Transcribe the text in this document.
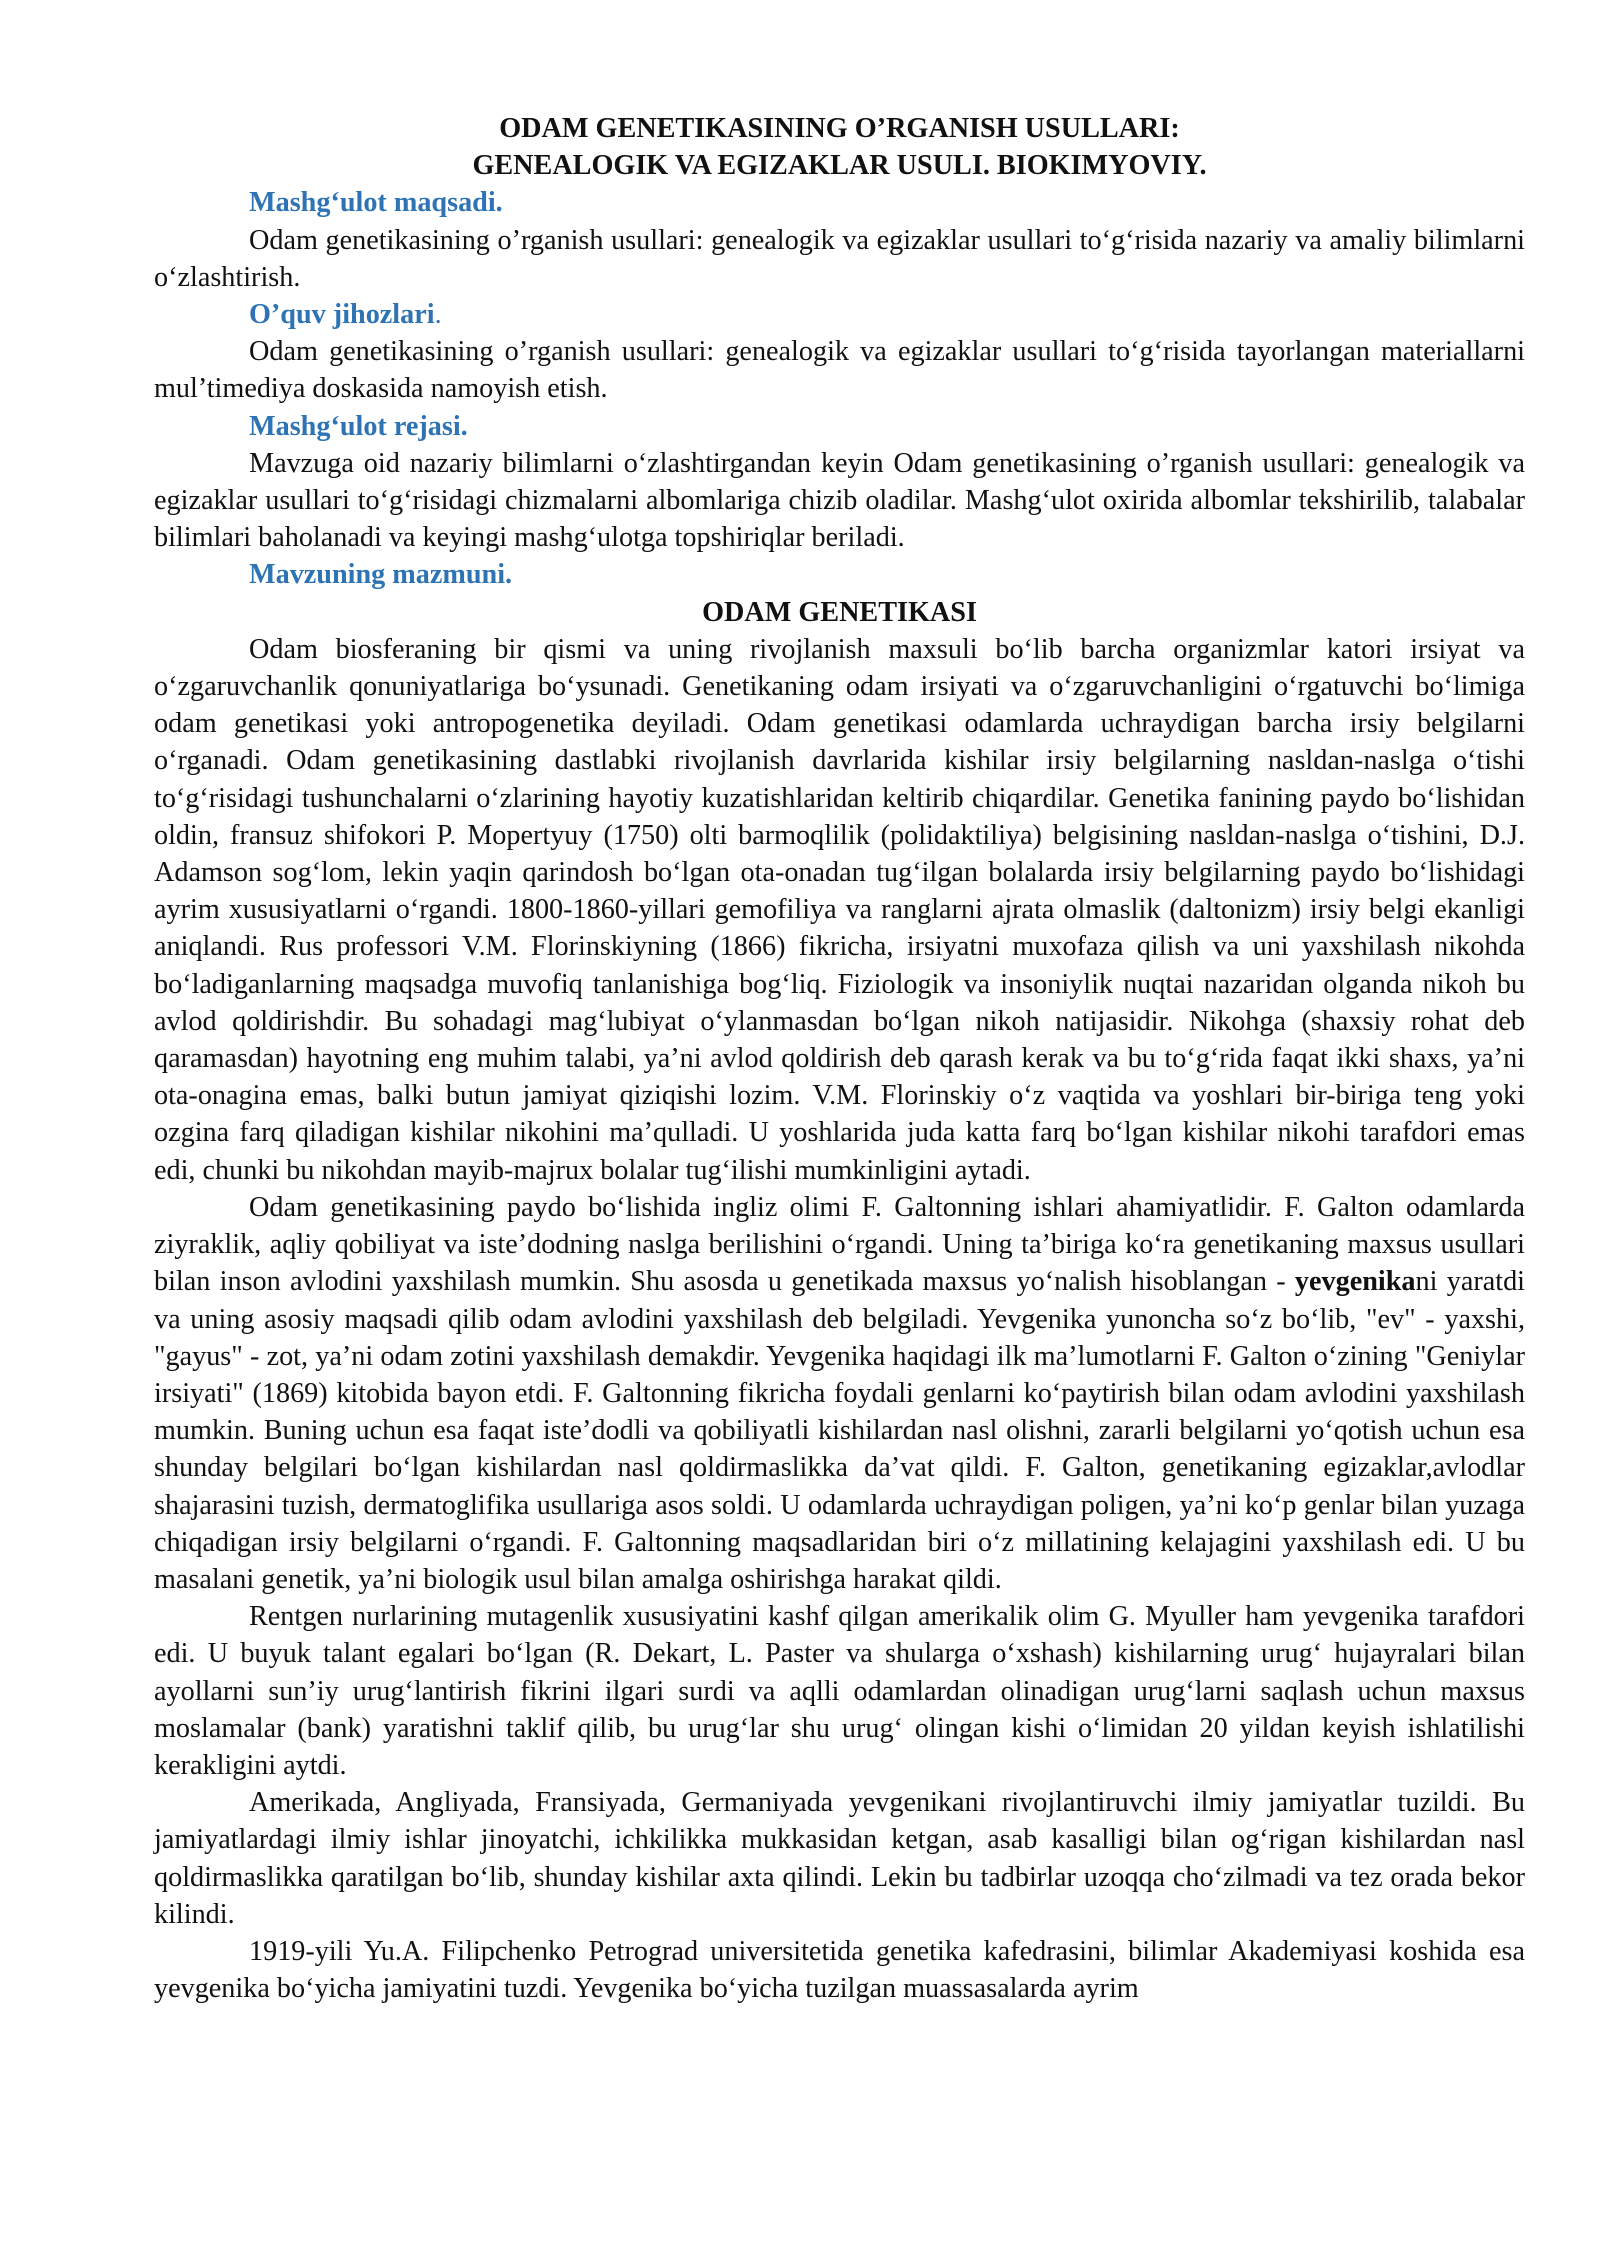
ODAM GENETIKASINING O’RGANISH USULLARI:

GENEALOGIK VA EGIZAKLAR USULI. BIOKIMYOVIY.

Mashg‘ulot maqsadi.

Odam genetikasining o’rganish usullari: genealogik va egizaklar usullari to‘g‘risida nazariy va amaliy bilimlarni o‘zlashtirish.

O’quv jihozlari.

Odam genetikasining o’rganish usullari: genealogik va egizaklar usullari to‘g‘risida tayorlangan materiallarni mul’timediya doskasida namoyish etish.

Mashg‘ulot rejasi.

Mavzuga oid nazariy bilimlarni o‘zlashtirgandan keyin Odam genetikasining o’rganish usullari: genealogik va egizaklar usullari to‘g‘risidagi chizmalarni albomlariga chizib oladilar. Mashg‘ulot oxirida albomlar tekshirilib, talabalar bilimlari baholanadi va keyingi mashg‘ulotga topshiriqlar beriladi.

Mavzuning mazmuni.

ODAM GENETIKASI

Odam biosferaning bir qismi va uning rivojlanish maxsuli bo‘lib barcha organizmlar katori irsiyat va o‘zgaruvchanlik qonuniyatlariga bo‘ysunadi. Genetikaning odam irsiyati va o‘zgaruvchanligini o‘rgatuvchi bo‘limiga odam genetikasi yoki antropogenetika deyiladi. Odam genetikasi odamlarda uchraydigan barcha irsiy belgilarni o‘rganadi. Odam genetikasining dastlabki rivojlanish davrlarida kishilar irsiy belgilarning nasldan-naslga o‘tishi to‘g‘risidagi tushunchalarni o‘zlarining hayotiy kuzatishlaridan keltirib chiqardilar. Genetika fanining paydo bo‘lishidan oldin, fransuz shifokori P. Mopertyuy (1750) olti barmoqlilik (polidaktiliya) belgisining nasldan-naslga o‘tishini, D.J. Adamson sog‘lom, lekin yaqin qarindosh bo‘lgan ota-onadan tug‘ilgan bolalarda irsiy belgilarning paydo bo‘lishidagi ayrim xususiyatlarni o‘rgandi. 1800-1860-yillari gemofiliya va ranglarni ajrata olmaslik (daltonizm) irsiy belgi ekanligi aniqlandi. Rus professori V.M. Florinskiyning (1866) fikricha, irsiyatni muxofaza qilish va uni yaxshilash nikohda bo‘ladiganlarning maqsadga muvofiq tanlanishiga bog‘liq. Fiziologik va insoniylik nuqtai nazaridan olganda nikoh bu avlod qoldirishdir. Bu sohadagi mag‘lubiyat o‘ylanmasdan bo‘lgan nikoh natijasidir. Nikohga (shaxsiy rohat deb qaramasdan) hayotning eng muhim talabi, ya’ni avlod qoldirish deb qarash kerak va bu to‘g‘rida faqat ikki shaxs, ya’ni ota-onagina emas, balki butun jamiyat qiziqishi lozim. V.M. Florinskiy o‘z vaqtida va yoshlari bir-biriga teng yoki ozgina farq qiladigan kishilar nikohini ma’qulladi. U yoshlarida juda katta farq bo‘lgan kishilar nikohi tarafdori emas edi, chunki bu nikohdan mayib-majrux bolalar tug‘ilishi mumkinligini aytadi.

Odam genetikasining paydo bo‘lishida ingliz olimi F. Galtonning ishlari ahamiyatlidir. F. Galton odamlarda ziyraklik, aqliy qobiliyat va iste’dodning naslga berilishini o‘rgandi. Uning ta’biriga ko‘ra genetikaning maxsus usullari bilan inson avlodini yaxshilash mumkin. Shu asosda u genetikada maxsus yo‘nalish hisoblangan - yevgenikani yaratdi va uning asosiy maqsadi qilib odam avlodini yaxshilash deb belgiladi. Yevgenika yunoncha so‘z bo‘lib, "ev" - yaxshi, "gayus" - zot, ya’ni odam zotini yaxshilash demakdir. Yevgenika haqidagi ilk ma’lumotlarni F. Galton o‘zining "Geniylar irsiyati" (1869) kitobida bayon etdi. F. Galtonning fikricha foydali genlarni ko‘paytirish bilan odam avlodini yaxshilash mumkin. Buning uchun esa faqat iste’dodli va qobiliyatli kishilardan nasl olishni, zararli belgilarni yo‘qotish uchun esa shunday belgilari bo‘lgan kishilardan nasl qoldirmaslikka da’vat qildi. F. Galton, genetikaning egizaklar,avlodlar shajarasini tuzish, dermatoglifika usullariga asos soldi. U odamlarda uchraydigan poligen, ya’ni ko‘p genlar bilan yuzaga chiqadigan irsiy belgilarni o‘rgandi. F. Galtonning maqsadlaridan biri o‘z millatining kelajagini yaxshilash edi. U bu masalani genetik, ya’ni biologik usul bilan amalga oshirishga harakat qildi.

Rentgen nurlarining mutagenlik xususiyatini kashf qilgan amerikalik olim G. Myuller ham yevgenika tarafdori edi. U buyuk talant egalari bo‘lgan (R. Dekart, L. Paster va shularga o‘xshash) kishilarning urug‘ hujayralari bilan ayollarni sun’iy urug‘lantirish fikrini ilgari surdi va aqlli odamlardan olinadigan urug‘larni saqlash uchun maxsus moslamalar (bank) yaratishni taklif qilib, bu urug‘lar shu urug‘ olingan kishi o‘limidan 20 yildan keyish ishlatilishi kerakligini aytdi.

Amerikada, Angliyada, Fransiyada, Germaniyada yevgenikani rivojlantiruvchi ilmiy jamiyatlar tuzildi. Bu jamiyatlardagi ilmiy ishlar jinoyatchi, ichkilikka mukkasidan ketgan, asab kasalligi bilan og‘rigan kishilardan nasl qoldirmaslikka qaratilgan bo‘lib, shunday kishilar axta qilindi. Lekin bu tadbirlar uzoqqa cho‘zilmadi va tez orada bekor kilindi.

1919-yili Yu.A. Filipchenko Petrograd universitetida genetika kafedrasini, bilimlar Akademiyasi koshida esa yevgenika bo‘yicha jamiyatini tuzdi. Yevgenika bo‘yicha tuzilgan muassasalarda ayrim
